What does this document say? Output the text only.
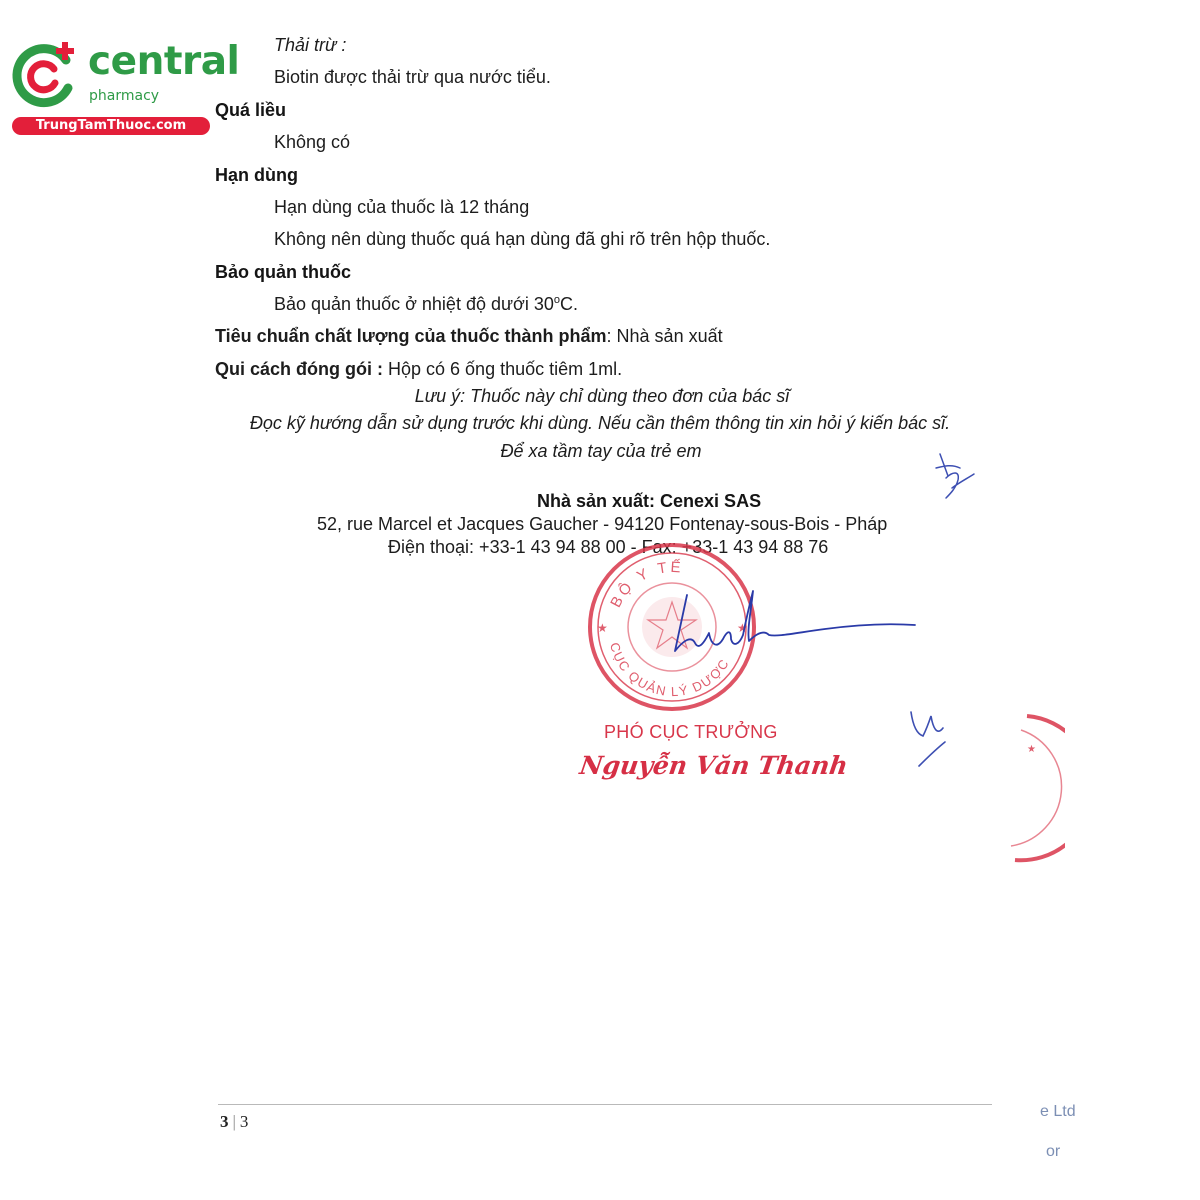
central
pharmacy
TrungTamThuoc.com
Thải trừ :
Biotin được thải trừ qua nước tiểu.
Quá liều
Không có
Hạn dùng
Hạn dùng của thuốc là 12 tháng
Không nên dùng thuốc quá hạn dùng đã ghi rõ trên hộp thuốc.
Bảo quản thuốc
Bảo quản thuốc ở nhiệt độ dưới 30$^o$C.
Tiêu chuẩn chất lượng của thuốc thành phẩm: Nhà sản xuất
Qui cách đóng gói : Hộp có 6 ống thuốc tiêm 1ml.
Lưu ý: Thuốc này chỉ dùng theo đơn của bác sĩ
Đọc kỹ hướng dẫn sử dụng trước khi dùng. Nếu cần thêm thông tin xin hỏi ý kiến bác sĩ.
Để xa tầm tay của trẻ em
Nhà sản xuất: Cenexi SAS
52, rue Marcel et Jacques Gaucher - 94120 Fontenay-sous-Bois - Pháp
Điện thoại: +33-1 43 94 88 00 - Fax: +33-1 43 94 88 76
BỘ Y TẾ
CỤC QUẢN LÝ DƯỢC
★	★
PHÓ CỤC TRƯỞNG
Nguyễn Văn Thanh
★
3 | 3
e Ltd
or
